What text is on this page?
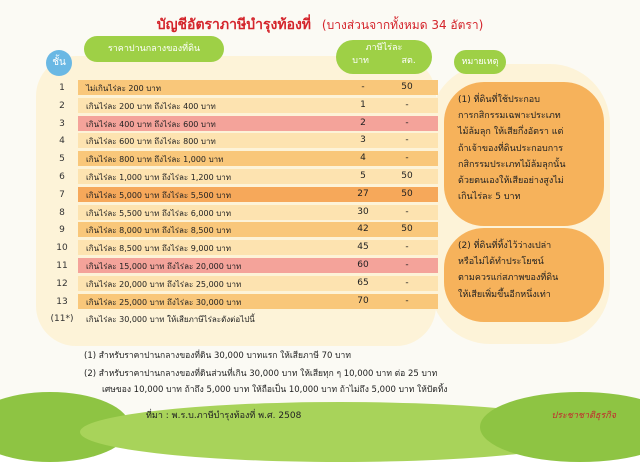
บัญชีอัตราภาษีบำรุงท้องที่ (บางส่วนจากทั้งหมด 34 อัตรา)
ชั้น
ราคาปานกลางของที่ดิน	ภาษีไร่ละ
บาท	สต.	หมายเหตุ
1	ไม่เกินไร่ละ 200 บาท	-	50
2	เกินไร่ละ 200 บาท ถึงไร่ละ 400 บาท	1	-
3	เกินไร่ละ 400 บาท ถึงไร่ละ 600 บาท	2	-
4	เกินไร่ละ 600 บาท ถึงไร่ละ 800 บาท	3	-
5	เกินไร่ละ 800 บาท ถึงไร่ละ 1,000 บาท	4	-
6	เกินไร่ละ 1,000 บาท ถึงไร่ละ 1,200 บาท	5	50
7	เกินไร่ละ 5,000 บาท ถึงไร่ละ 5,500 บาท	27	50
8	เกินไร่ละ 5,500 บาท ถึงไร่ละ 6,000 บาท	30	-
9	เกินไร่ละ 8,000 บาท ถึงไร่ละ 8,500 บาท	42	50
10	เกินไร่ละ 8,500 บาท ถึงไร่ละ 9,000 บาท	45	-
11	เกินไร่ละ 15,000 บาท ถึงไร่ละ 20,000 บาท	60	-
12	เกินไร่ละ 20,000 บาท ถึงไร่ละ 25,000 บาท	65	-
13	เกินไร่ละ 25,000 บาท ถึงไร่ละ 30,000 บาท	70	-
(11*)	เกินไร่ละ 30,000 บาท ให้เสียภาษีไร่ละดังต่อไปนี้
(1) ที่ดินที่ใช้ประกอบ
การกสิกรรมเฉพาะประเภท
ไม้ล้มลุก ให้เสียกึ่งอัตรา แต่
ถ้าเจ้าของที่ดินประกอบการ
กสิกรรมประเภทไม้ล้มลุกนั้น
ด้วยตนเองให้เสียอย่างสูงไม่
เกินไร่ละ 5 บาท
(2) ที่ดินที่ทิ้งไว้ว่างเปล่า
หรือไม่ได้ทำประโยชน์
ตามควรแก่สภาพของที่ดิน
ให้เสียเพิ่มขึ้นอีกหนึ่งเท่า
(1) สำหรับราคาปานกลางของที่ดิน 30,000 บาทแรก ให้เสียภาษี 70 บาท
(2) สำหรับราคาปานกลางของที่ดินส่วนที่เกิน 30,000 บาท ให้เสียทุก ๆ 10,000 บาท ต่อ 25 บาท
เศษของ 10,000 บาท ถ้าถึง 5,000 บาท ให้ถือเป็น 10,000 บาท ถ้าไม่ถึง 5,000 บาท ให้ปัดทิ้ง
ที่มา : พ.ร.บ.ภาษีบำรุงท้องที่ พ.ศ. 2508	ประชาชาติธุรกิจ
